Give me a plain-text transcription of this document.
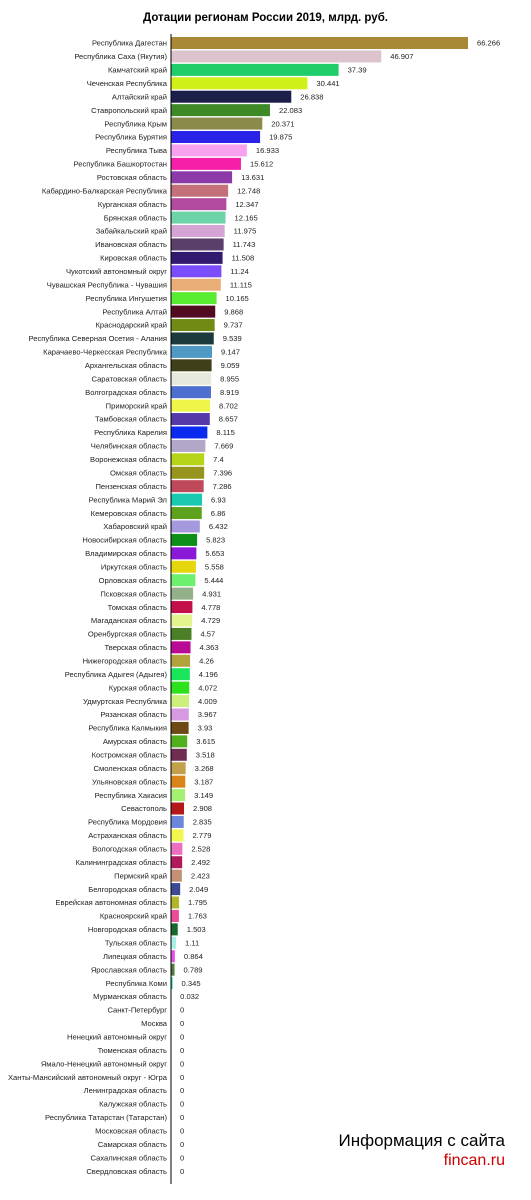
Дотации регионам России 2019, млрд. руб.
Республика Дагестан
Республика Саха (Якутия)
Камчатский край
Чеченская Республика
Алтайский край
Ставропольский край
Республика Крым
Республика Бурятия
Республика Тыва
Республика Башкортостан
Ростовская область
Кабардино-Балкарская Республика
Курганская область
Брянская область
Забайкальский край
Ивановская область
Кировская область
Чукотский автономный округ
Чувашская Республика - Чувашия
Республика Ингушетия
Республика Алтай
Краснодарский край
Республика Северная Осетия - Алания
Карачаево-Черкесская Республика
Архангельская область
Саратовская область
Волгоградская область
Приморский край
Тамбовская область
Республика Карелия
Челябинская область
Воронежская область
Омская область
Пензенская область
Республика Марий Эл
Кемеровская область
Хабаровский край
Новосибирская область
Владимирская область
Иркутская область
Орловская область
Псковская область
Томская область
Магаданская область
Оренбургская область
Тверская область
Нижегородская область
Республика Адыгея (Адыгея)
Курская область
Удмуртская Республика
Рязанская область
Республика Калмыкия
Амурская область
Костромская область
Смоленская область
Ульяновская область
Республика Хакасия
Севастополь
Республика Мордовия
Астраханская область
Вологодская область
Калининградская область
Пермский край
Белгородская область
Еврейская автономная область
Красноярский край
Новгородская область
Тульская область
Липецкая область
Ярославская область
Республика Коми
Мурманская область
Санкт-Петербург
Москва
Ненецкий автономный округ
Тюменская область
Ямало-Ненецкий автономный округ
Ханты-Мансийский автономный округ - Югра
Ленинградская область
Калужская область
Республика Татарстан (Татарстан)
Московская область
Самарская область
Сахалинская область
Свердловская область
66.266
46.907
37.39
30.441
26.838
22.083
20.371
19.875
16.933
15.612
13.631
12.748
12.347
12.165
11.975
11.743
11.508
11.24
11.115
10.165
9.868
9.737
9.539
9.147
9.059
8.955
8.919
8.702
8.657
8.115
7.669
7.4
7.396
7.286
6.93
6.86
6.432
5.823
5.653
5.558
5.444
4.931
4.778
4.729
4.57
4.363
4.26
4.196
4.072
4.009
3.967
3.93
3.615
3.518
3.268
3.187
3.149
2.908
2.835
2.779
2.528
2.492
2.423
2.049
1.795
1.763
1.503
1.11
0.864
0.789
0.345
0.032
0
0
0
0
0
0
0
0
0
0
0
0
0
Информация с сайта
fincan.ru
